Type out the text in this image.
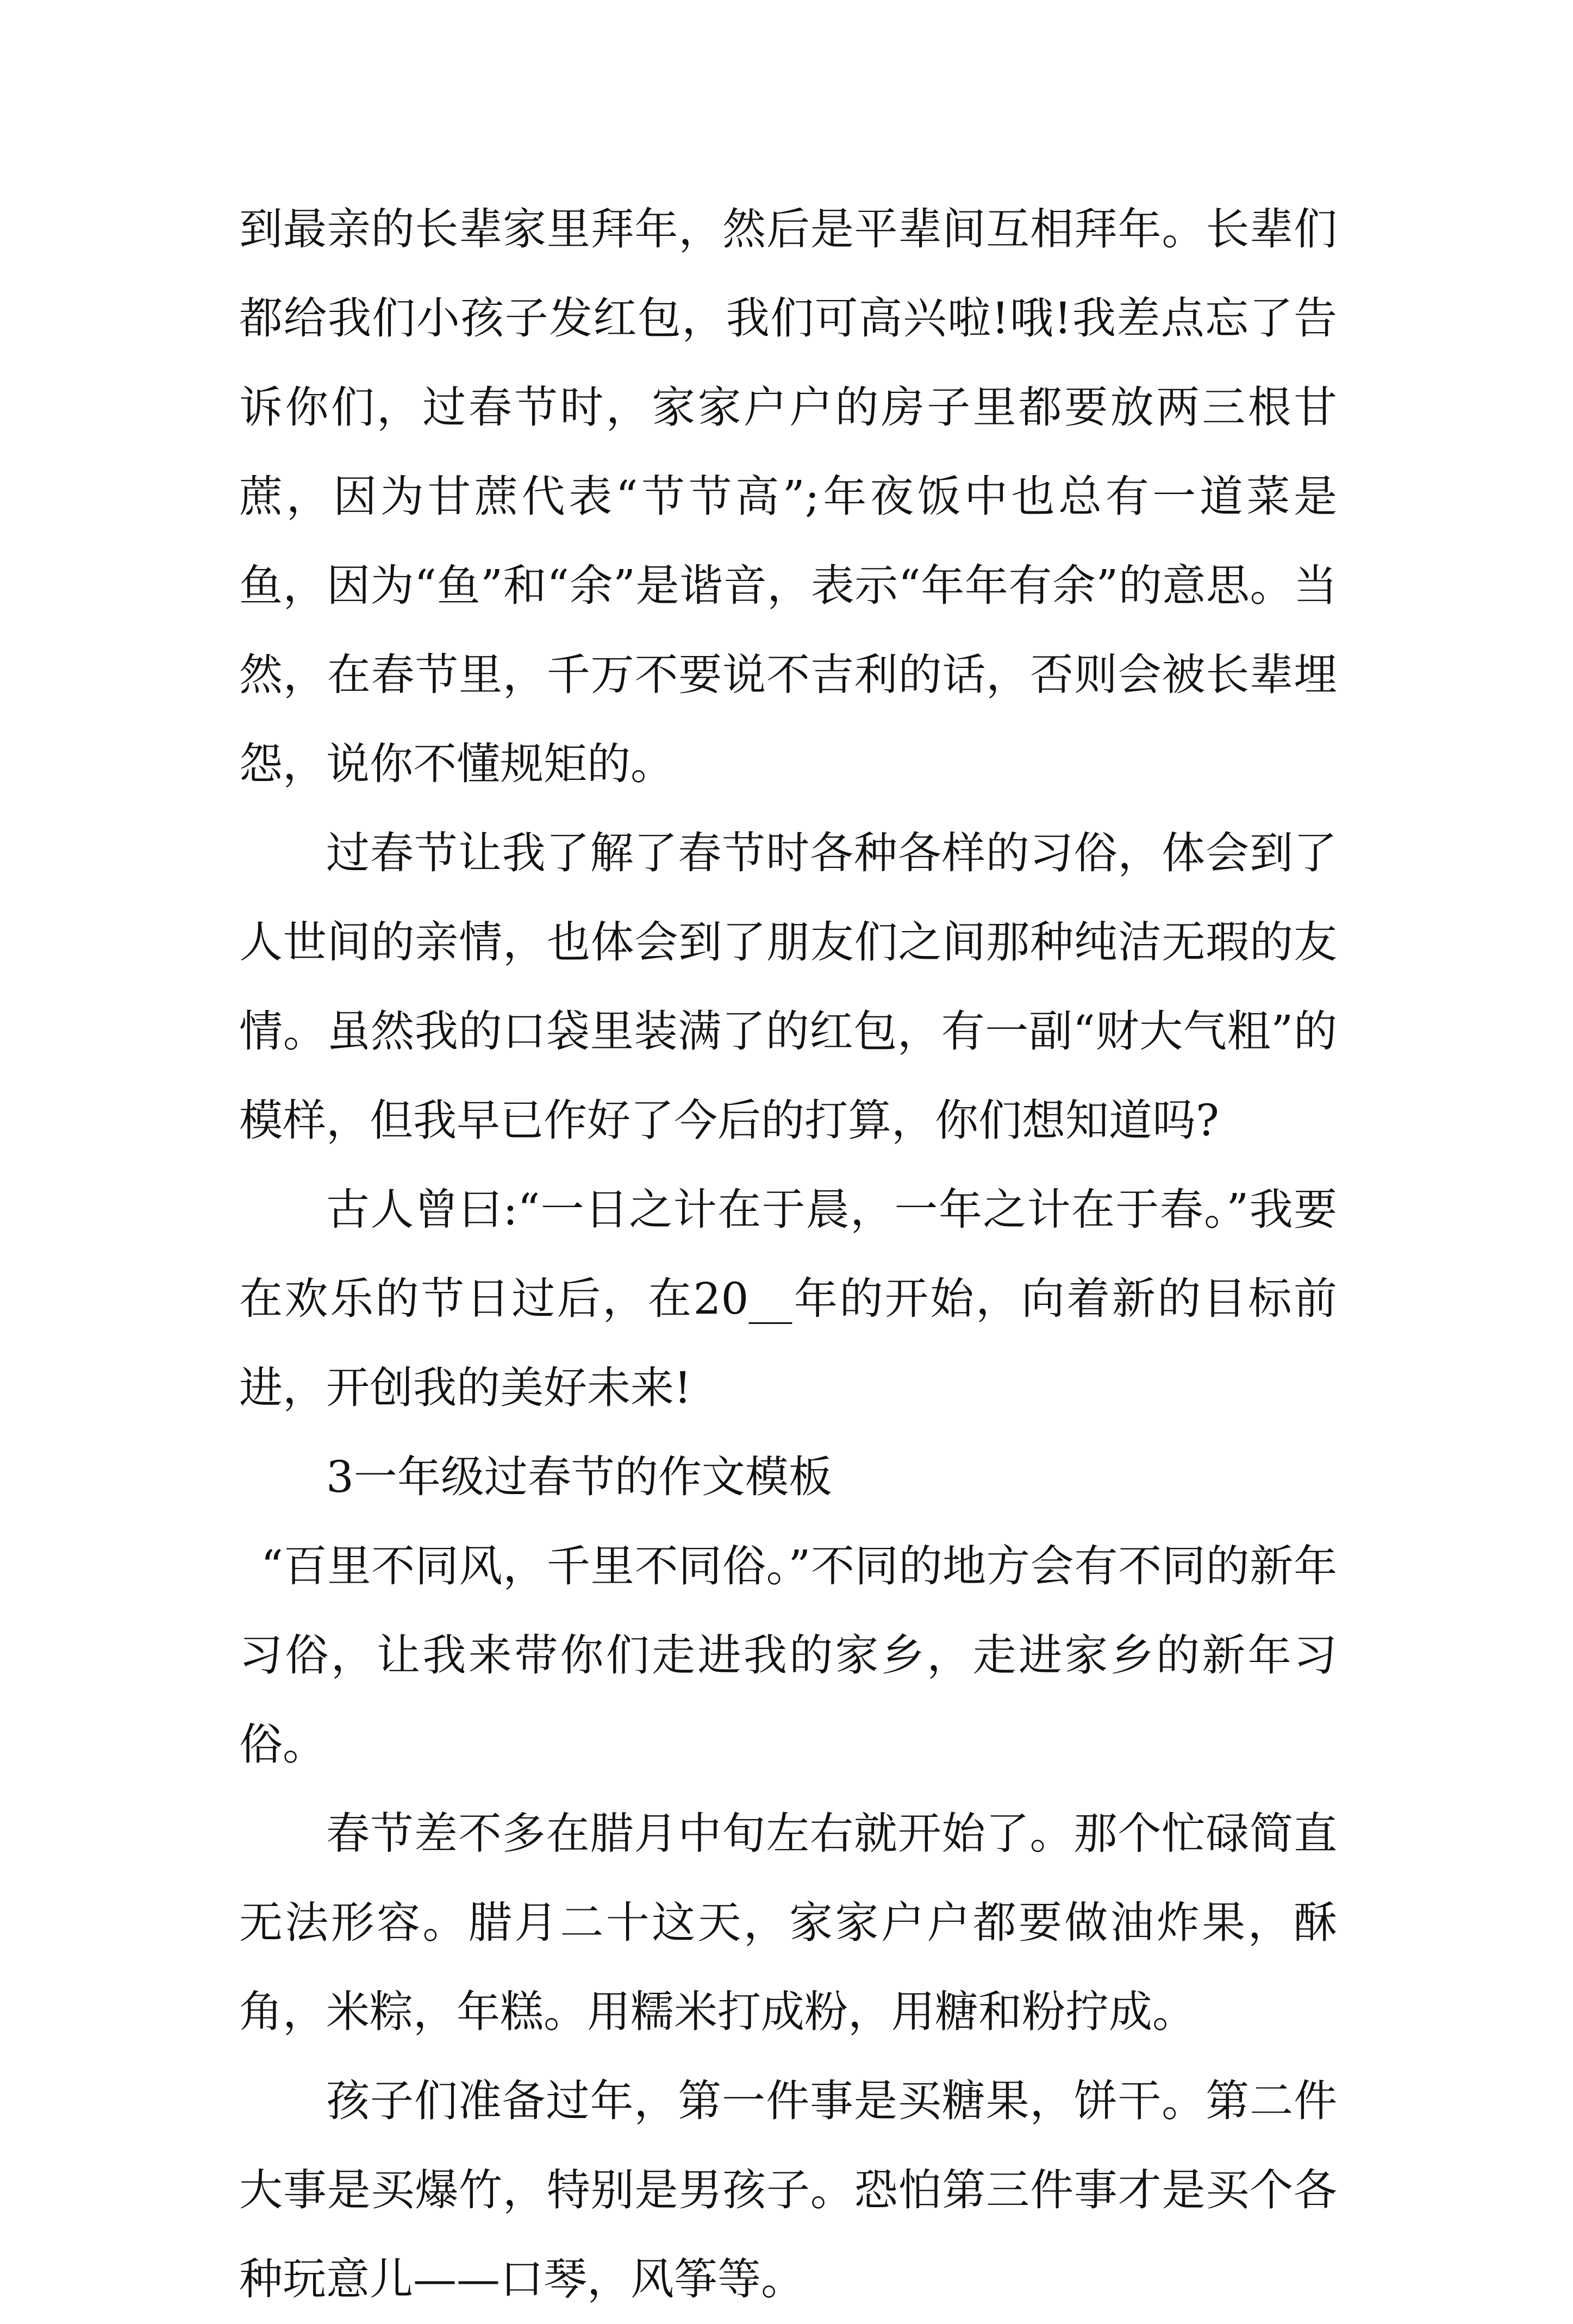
到最亲的长辈家里拜年，然后是平辈间互相拜年。长辈们都给我们小孩子发红包，我们可高兴啦!哦!我差点忘了告诉你们，过春节时，家家户户的房子里都要放两三根甘蔗，因为甘蔗代表“节节高”;年夜饭中也总有一道菜是鱼，因为“鱼”和“余”是谐音，表示“年年有余”的意思。当然，在春节里，千万不要说不吉利的话，否则会被长辈埋怨，说你不懂规矩的。

过春节让我了解了春节时各种各样的习俗，体会到了人世间的亲情，也体会到了朋友们之间那种纯洁无瑕的友情。虽然我的口袋里装满了的红包，有一副“财大气粗”的模样，但我早已作好了今后的打算，你们想知道吗?

古人曾曰:“一日之计在于晨，一年之计在于春。”我要在欢乐的节日过后，在20__年的开始，向着新的目标前进，开创我的美好未来!

3一年级过春节的作文模板

“百里不同风，千里不同俗。”不同的地方会有不同的新年习俗，让我来带你们走进我的家乡，走进家乡的新年习俗。

春节差不多在腊月中旬左右就开始了。那个忙碌简直无法形容。腊月二十这天，家家户户都要做油炸果，酥角，米粽，年糕。用糯米打成粉，用糖和粉拧成。

孩子们准备过年，第一件事是买糖果，饼干。第二件大事是买爆竹，特别是男孩子。恐怕第三件事才是买个各种玩意儿——口琴，风筝等。
